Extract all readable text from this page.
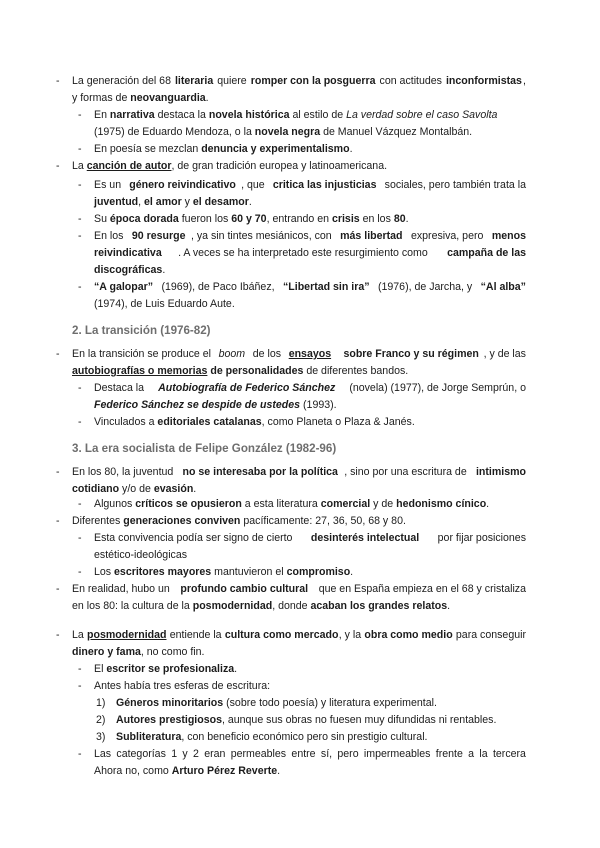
- La generación del 68 literaria quiere romper con la posguerra con actitudes inconformistas ,
y formas de neovanguardia.
- En narrativa destaca la novela histórica al estilo de La verdad sobre el caso Savolta
(1975) de Eduardo Mendoza, o la novela negra de Manuel Vázquez Montalbán.
- En poesía se mezclan denuncia y experimentalismo.
- La canción de autor, de gran tradición europea y latinoamericana.
- Es un género reivindicativo , que critica las injusticias sociales, pero también trata la
juventud, el amor y el desamor.
- Su época dorada fueron los 60 y 70, entrando en crisis en los 80.
- En los 90 resurge , ya sin tintes mesiánicos, con más libertad expresiva, pero menos
reivindicativa . A veces se ha interpretado este resurgimiento como campaña de las
discográficas.
- “A galopar” (1969), de Paco Ibáñez, “Libertad sin ira” (1976), de Jarcha, y “Al alba”
(1974), de Luis Eduardo Aute.
2. La transición (1976-82)
- En la transición se produce el boom de los ensayos
sobre Franco y su régimen , y de las
autobiografías o memorias de personalidades de diferentes bandos.
- Destaca la Autobiografía de Federico Sánchez (novela) (1977), de Jorge Semprún, o
Federico Sánchez se despide de ustedes (1993).
- Vinculados a editoriales catalanas, como Planeta o Plaza & Janés.
3. La era socialista de Felipe González (1982-96)
- En los 80, la juventud no se interesaba por la política , sino por una escritura de intimismo
cotidiano y/o de evasión.
- Algunos críticos se opusieron a esta literatura comercial y de hedonismo cínico.
- Diferentes generaciones conviven pacíficamente: 27, 36, 50, 68 y 80.
- Esta convivencia podía ser signo de cierto desinterés intelectual por fijar posiciones
estético-ideológicas
- Los escritores mayores mantuvieron el compromiso.
- En realidad, hubo un profundo cambio cultural que en España empieza en el 68 y cristaliza
en los 80: la cultura de la posmodernidad, donde acaban los grandes relatos.
- La posmodernidad entiende la cultura como mercado , y la obra como medio para conseguir
dinero y fama, no como fin.
- El escritor se profesionaliza.
- Antes había tres esferas de escritura:
1) Géneros minoritarios (sobre todo poesía) y literatura experimental.
2) Autores prestigiosos, aunque sus obras no fuesen muy difundidas ni rentables.
3) Subliteratura, con beneficio económico pero sin prestigio cultural.
- Las categorías 1 y 2 eran permeables entre sí, pero impermeables frente a la tercera
Ahora no, como Arturo Pérez Reverte.
